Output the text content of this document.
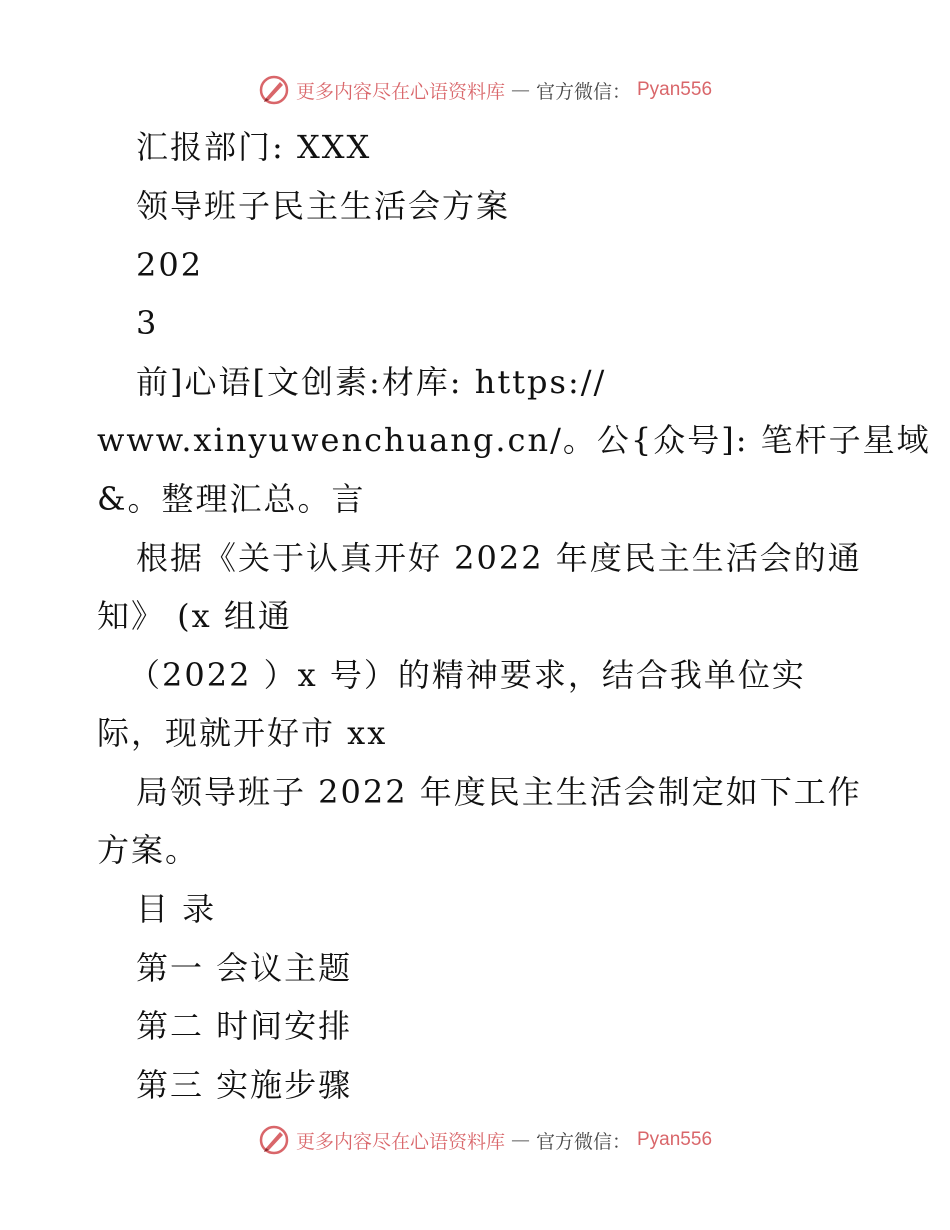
更多内容尽在心语资料库 — 官方微信： Pyan556
汇报部门: XXX
领导班子民主生活会方案
202
3
前]心语[文创素:材库: https://
www.xinyuwenchuang.cn/。公{众号]: 笔杆子星域
&。整理汇总。言
根据《关于认真开好 2022 年度民主生活会的通
知》 (x 组通
（2022 ）x 号）的精神要求，结合我单位实
际，现就开好市 xx
局领导班子 2022 年度民主生活会制定如下工作
方案。
目 录
第一 会议主题
第二 时间安排
第三 实施步骤
更多内容尽在心语资料库 — 官方微信： Pyan556
